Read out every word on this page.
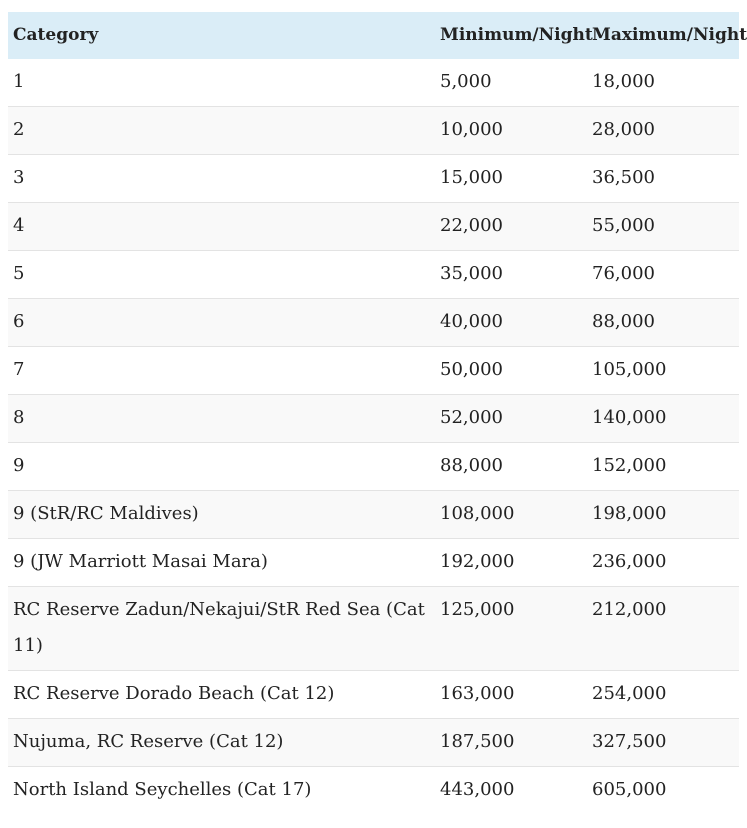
Category	Minimum/Night	Maximum/Night
1	5,000	18,000
2	10,000	28,000
3	15,000	36,500
4	22,000	55,000
5	35,000	76,000
6	40,000	88,000
7	50,000	105,000
8	52,000	140,000
9	88,000	152,000
9 (StR/RC Maldives)	108,000	198,000
9 (JW Marriott Masai Mara)	192,000	236,000
RC Reserve Zadun/Nekajui/StR Red Sea (Cat 11)	125,000	212,000
RC Reserve Dorado Beach (Cat 12)	163,000	254,000
Nujuma, RC Reserve (Cat 12)	187,500	327,500
North Island Seychelles (Cat 17)	443,000	605,000
